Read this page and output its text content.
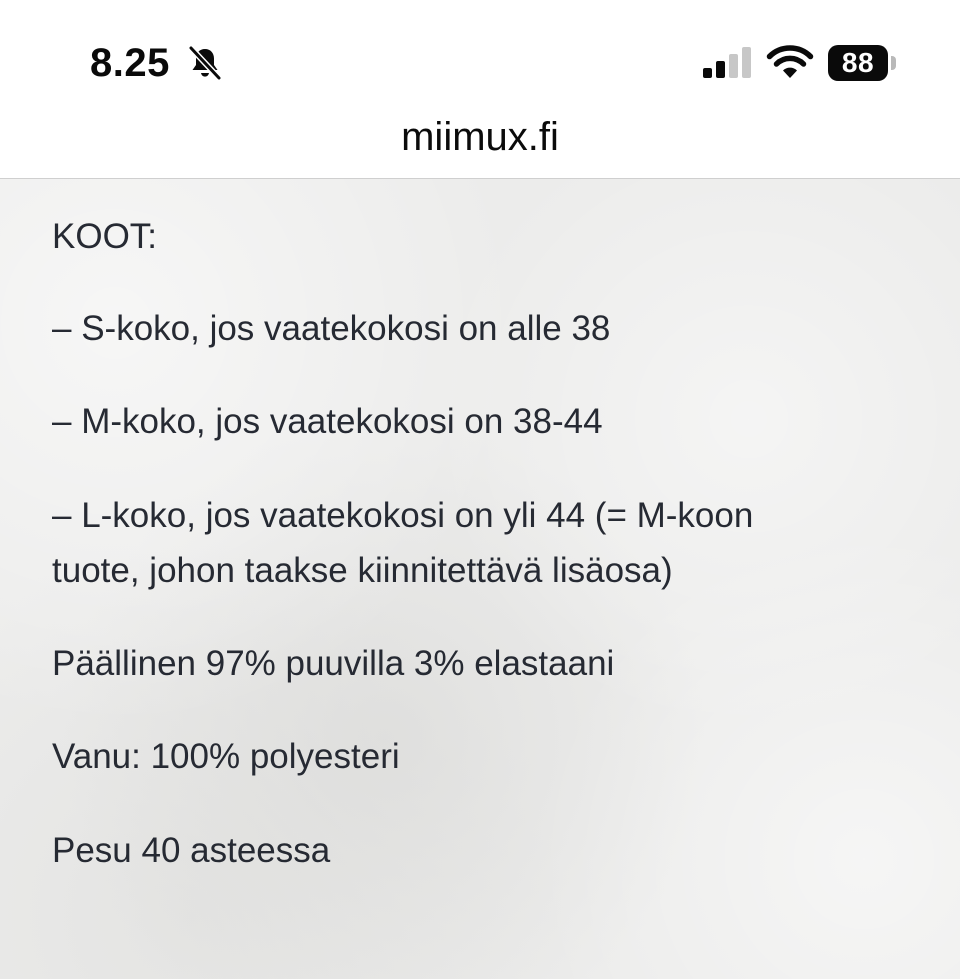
8.25	88
miimux.fi
KOOT:
– S-koko, jos vaatekokosi on alle 38
– M-koko, jos vaatekokosi on 38-44
– L-koko, jos vaatekokosi on yli 44 (= M-koon
tuote, johon taakse kiinnitettävä lisäosa)
Päällinen 97% puuvilla 3% elastaani
Vanu: 100% polyesteri
Pesu 40 asteessa
